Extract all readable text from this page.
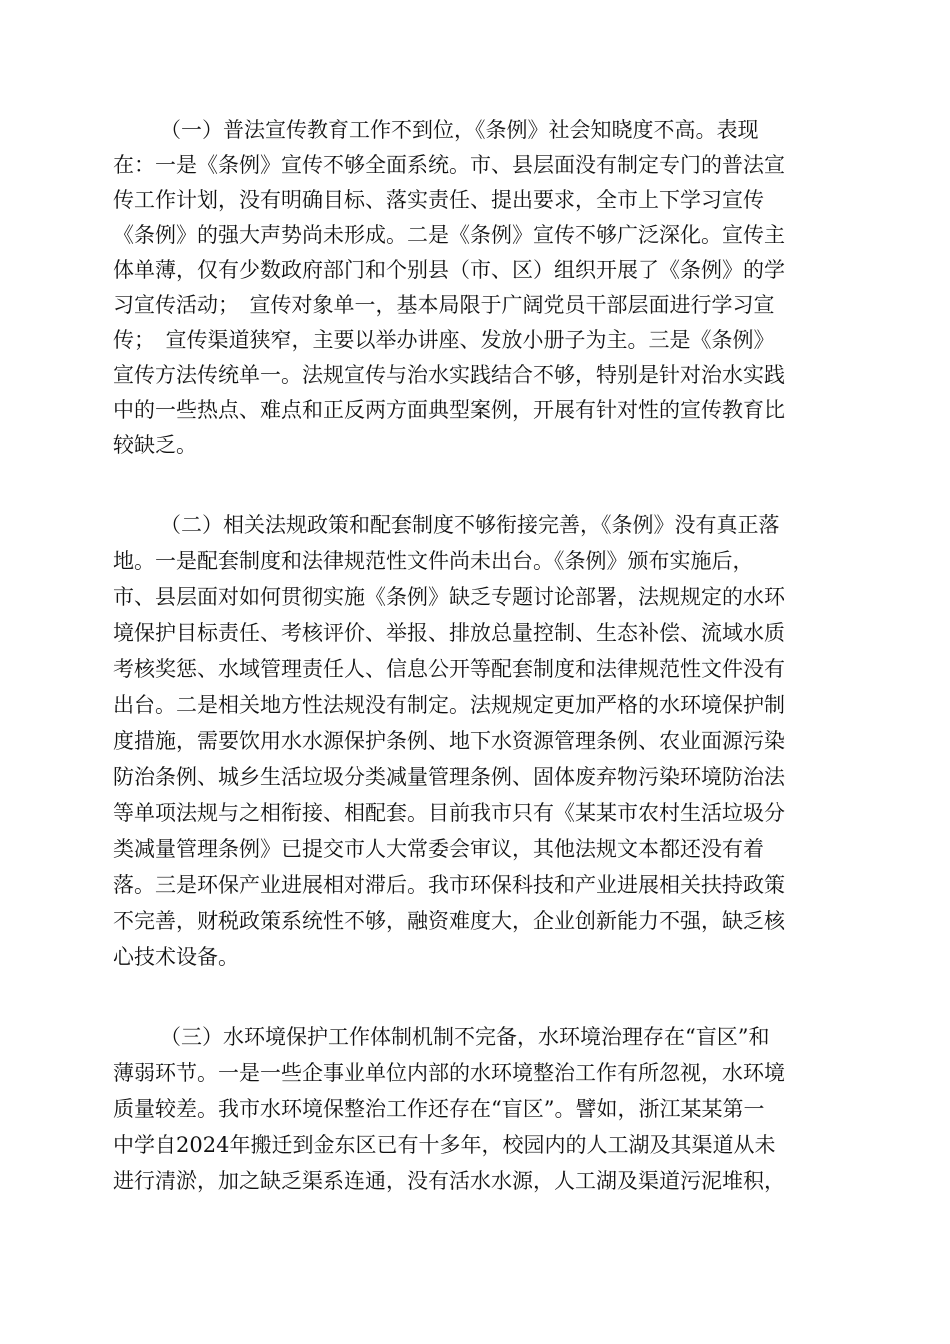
（一）普法宣传教育工作不到位，《条例》社会知晓度不高。表现
在：一是《条例》宣传不够全面系统。市、县层面没有制定专门的普法宣
传工作计划，没有明确目标、落实责任、提出要求，全市上下学习宣传
《条例》的强大声势尚未形成。二是《条例》宣传不够广泛深化。宣传主
体单薄，仅有少数政府部门和个别县（市、区）组织开展了《条例》的学
习宣传活动；　宣传对象单一，基本局限于广阔党员干部层面进行学习宣
传；　宣传渠道狭窄，主要以举办讲座、发放小册子为主。三是《条例》
宣传方法传统单一。法规宣传与治水实践结合不够，特别是针对治水实践
中的一些热点、难点和正反两方面典型案例，开展有针对性的宣传教育比
较缺乏。
（二）相关法规政策和配套制度不够衔接完善，《条例》没有真正落
地。一是配套制度和法律规范性文件尚未出台。《条例》颁布实施后，
市、县层面对如何贯彻实施《条例》缺乏专题讨论部署，法规规定的水环
境保护目标责任、考核评价、举报、排放总量控制、生态补偿、流域水质
考核奖惩、水域管理责任人、信息公开等配套制度和法律规范性文件没有
出台。二是相关地方性法规没有制定。法规规定更加严格的水环境保护制
度措施，需要饮用水水源保护条例、地下水资源管理条例、农业面源污染
防治条例、城乡生活垃圾分类减量管理条例、固体废弃物污染环境防治法
等单项法规与之相衔接、相配套。目前我市只有《某某市农村生活垃圾分
类减量管理条例》已提交市人大常委会审议，其他法规文本都还没有着
落。三是环保产业进展相对滞后。我市环保科技和产业进展相关扶持政策
不完善，财税政策系统性不够，融资难度大，企业创新能力不强，缺乏核
心技术设备。
（三）水环境保护工作体制机制不完备，水环境治理存在“盲区”和
薄弱环节。一是一些企事业单位内部的水环境整治工作有所忽视，水环境
质量较差。我市水环境保整治工作还存在“盲区”。譬如，浙江某某第一
中学自2024年搬迁到金东区已有十多年，校园内的人工湖及其渠道从未
进行清淤，加之缺乏渠系连通，没有活水水源，人工湖及渠道污泥堆积，
